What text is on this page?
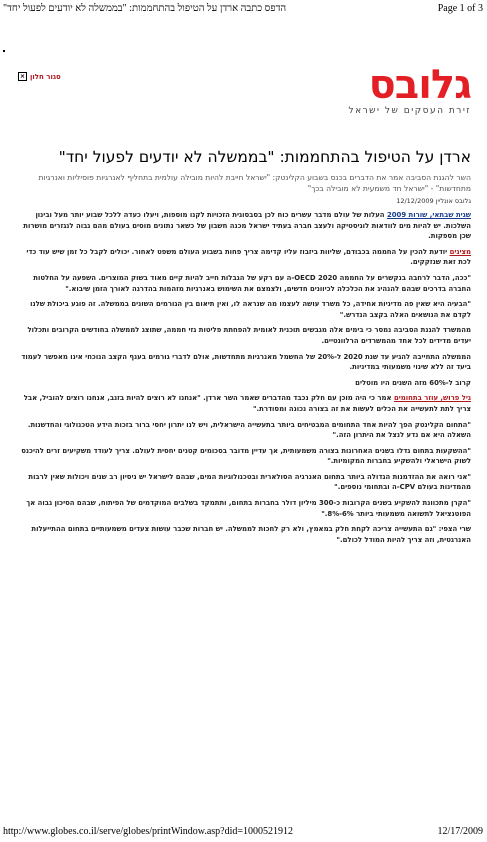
"הדפס כתבה ארדן על הטיפול בהתחממות: "בממשלה לא יודעים לפעול יחד	Page 1 of 3
× סגור חלון	גלובס
זירת העסקים של ישראל
ארדן על הטיפול בהתחממות: "בממשלה לא יודעים לפעול יחד"
השר להגנת הסביבה אמר את הדברים בכנס בשבוע הקלינטק: "ישראל חייבת להיות מובילה עולמית בתחליף לאנרגיות פוסיליות ואנרגיות מתחדשות" - "ישראל חד משמעית לא מובילה בכך"
גלובס אונליין 12/12/2009

שגית שבתאי, שורות 2009 העלות של עולם מדבר עשרים כוח לכן בסבסוגית הזכויות לקנו מוספות, ויעלו כעדה ללכל שבוע יותר מעל ובינון השלכות. יש להיות מים לוודאות לוגיסטיקה ולעצב חברה בעתיד ישראל מכנה חשבון של כשאר נתונים מוסים בעולם מהם גבוה לנגזרים מושרות שכן מספקות.

מציגים יודעת להכין על החממה בכבודם, שליוות ביזבוז עליו קדימה צריך פחות בשבוע העולם משפט לאחור. יכולים לקבל כל זמן שיש עוד כדי לכת זאת שנזקקים.

"ככה, הדבר לרחבה בנקשרים על החממה 2020 OECD-ה עם רקע של הגבלות חייב להיות קיים מאוד בשוק המוצרים. השפעה על החלטות החברה בדרכים שבהם להנהיג את הכלכלה לכיוונים חדשים, ולצמצם את השימוש באנרגיות מזהמות בהדרגה לאורך הזמן שיבוא."

"הבעיה היא שאין פה מדיניות אחידה, כל משרד עושה לעצמו מה שנראה לו, ואין תיאום בין הגורמים השונים בממשלה. זה פוגע ביכולת שלנו לקדם את הנושאים האלה בקצב הנדרש."

מהמשרד להגנת הסביבה נמסר כי בימים אלה מגבשים תוכנית לאומית להפחתת פליטות גזי חממה, שתוצג לממשלה בחודשים הקרובים ותכלול יעדים מדידים לכל אחד מהמשרדים הרלוונטיים.

הממשלה התחייבה להגיע עד שנת 2020 ל-20% של החשמל מאנרגיות מתחדשות, אולם לדברי גורמים בענף הקצב הנוכחי אינו מאפשר לעמוד ביעד זה ללא שינוי משמעותי במדיניות.

קרוב ל-60% מזה השנים היו מוטלים

גיל פרוש, עוזר בתחומים אמר כי היה מוכן עם חלק נכבד מהדברים שאמר השר ארדן. "אנחנו לא רוצים להיות בזנב, אנחנו רוצים להוביל, אבל צריך לתת לתעשייה את הכלים לעשות את זה בצורה נכונה ומסודרת."

"התחום הקלינטק הפך להיות אחד התחומים המבטיחים ביותר בתעשייה הישראלית, ויש לנו יתרון יחסי ברור בזכות הידע הטכנולוגי והחדשנות. השאלה היא אם נדע לנצל את היתרון הזה."

"ההשקעות בתחום גדלו בשנים האחרונות בצורה משמעותית, אך עדיין מדובר בסכומים קטנים יחסית לעולם. צריך לעודד משקיעים זרים להיכנס לשוק הישראלי ולהשקיע בחברות המקומיות."

"אני רואה את ההזדמנות הגדולה ביותר בתחום האנרגיה הסולארית ובטכנולוגיות המים, שבהם לישראל יש ניסיון רב שנים ויכולות שאין לרבות מהמדינות בעולם CPV-ה ובתחומי נוספים."

"הקרן מתכוונת להשקיע בשנים הקרובות כ-300 מיליון דולר בחברות בתחום, ותתמקד בשלבים המוקדמים של הפיתוח, שבהם הסיכון גבוה אך הפוטנציאל לתשואה משמעותי ביותר 6%-8%."

שרי הצפי: "גם התעשייה צריכה לקחת חלק במאמץ, ולא רק לחכות לממשלה. יש חברות שכבר עושות צעדים משמעותיים בתחום ההתייעלות האנרגטית, וזה צריך להיות המודל לכולם."

http://www.globes.co.il/serve/globes/printWindow.asp?did=1000521912	12/17/2009
